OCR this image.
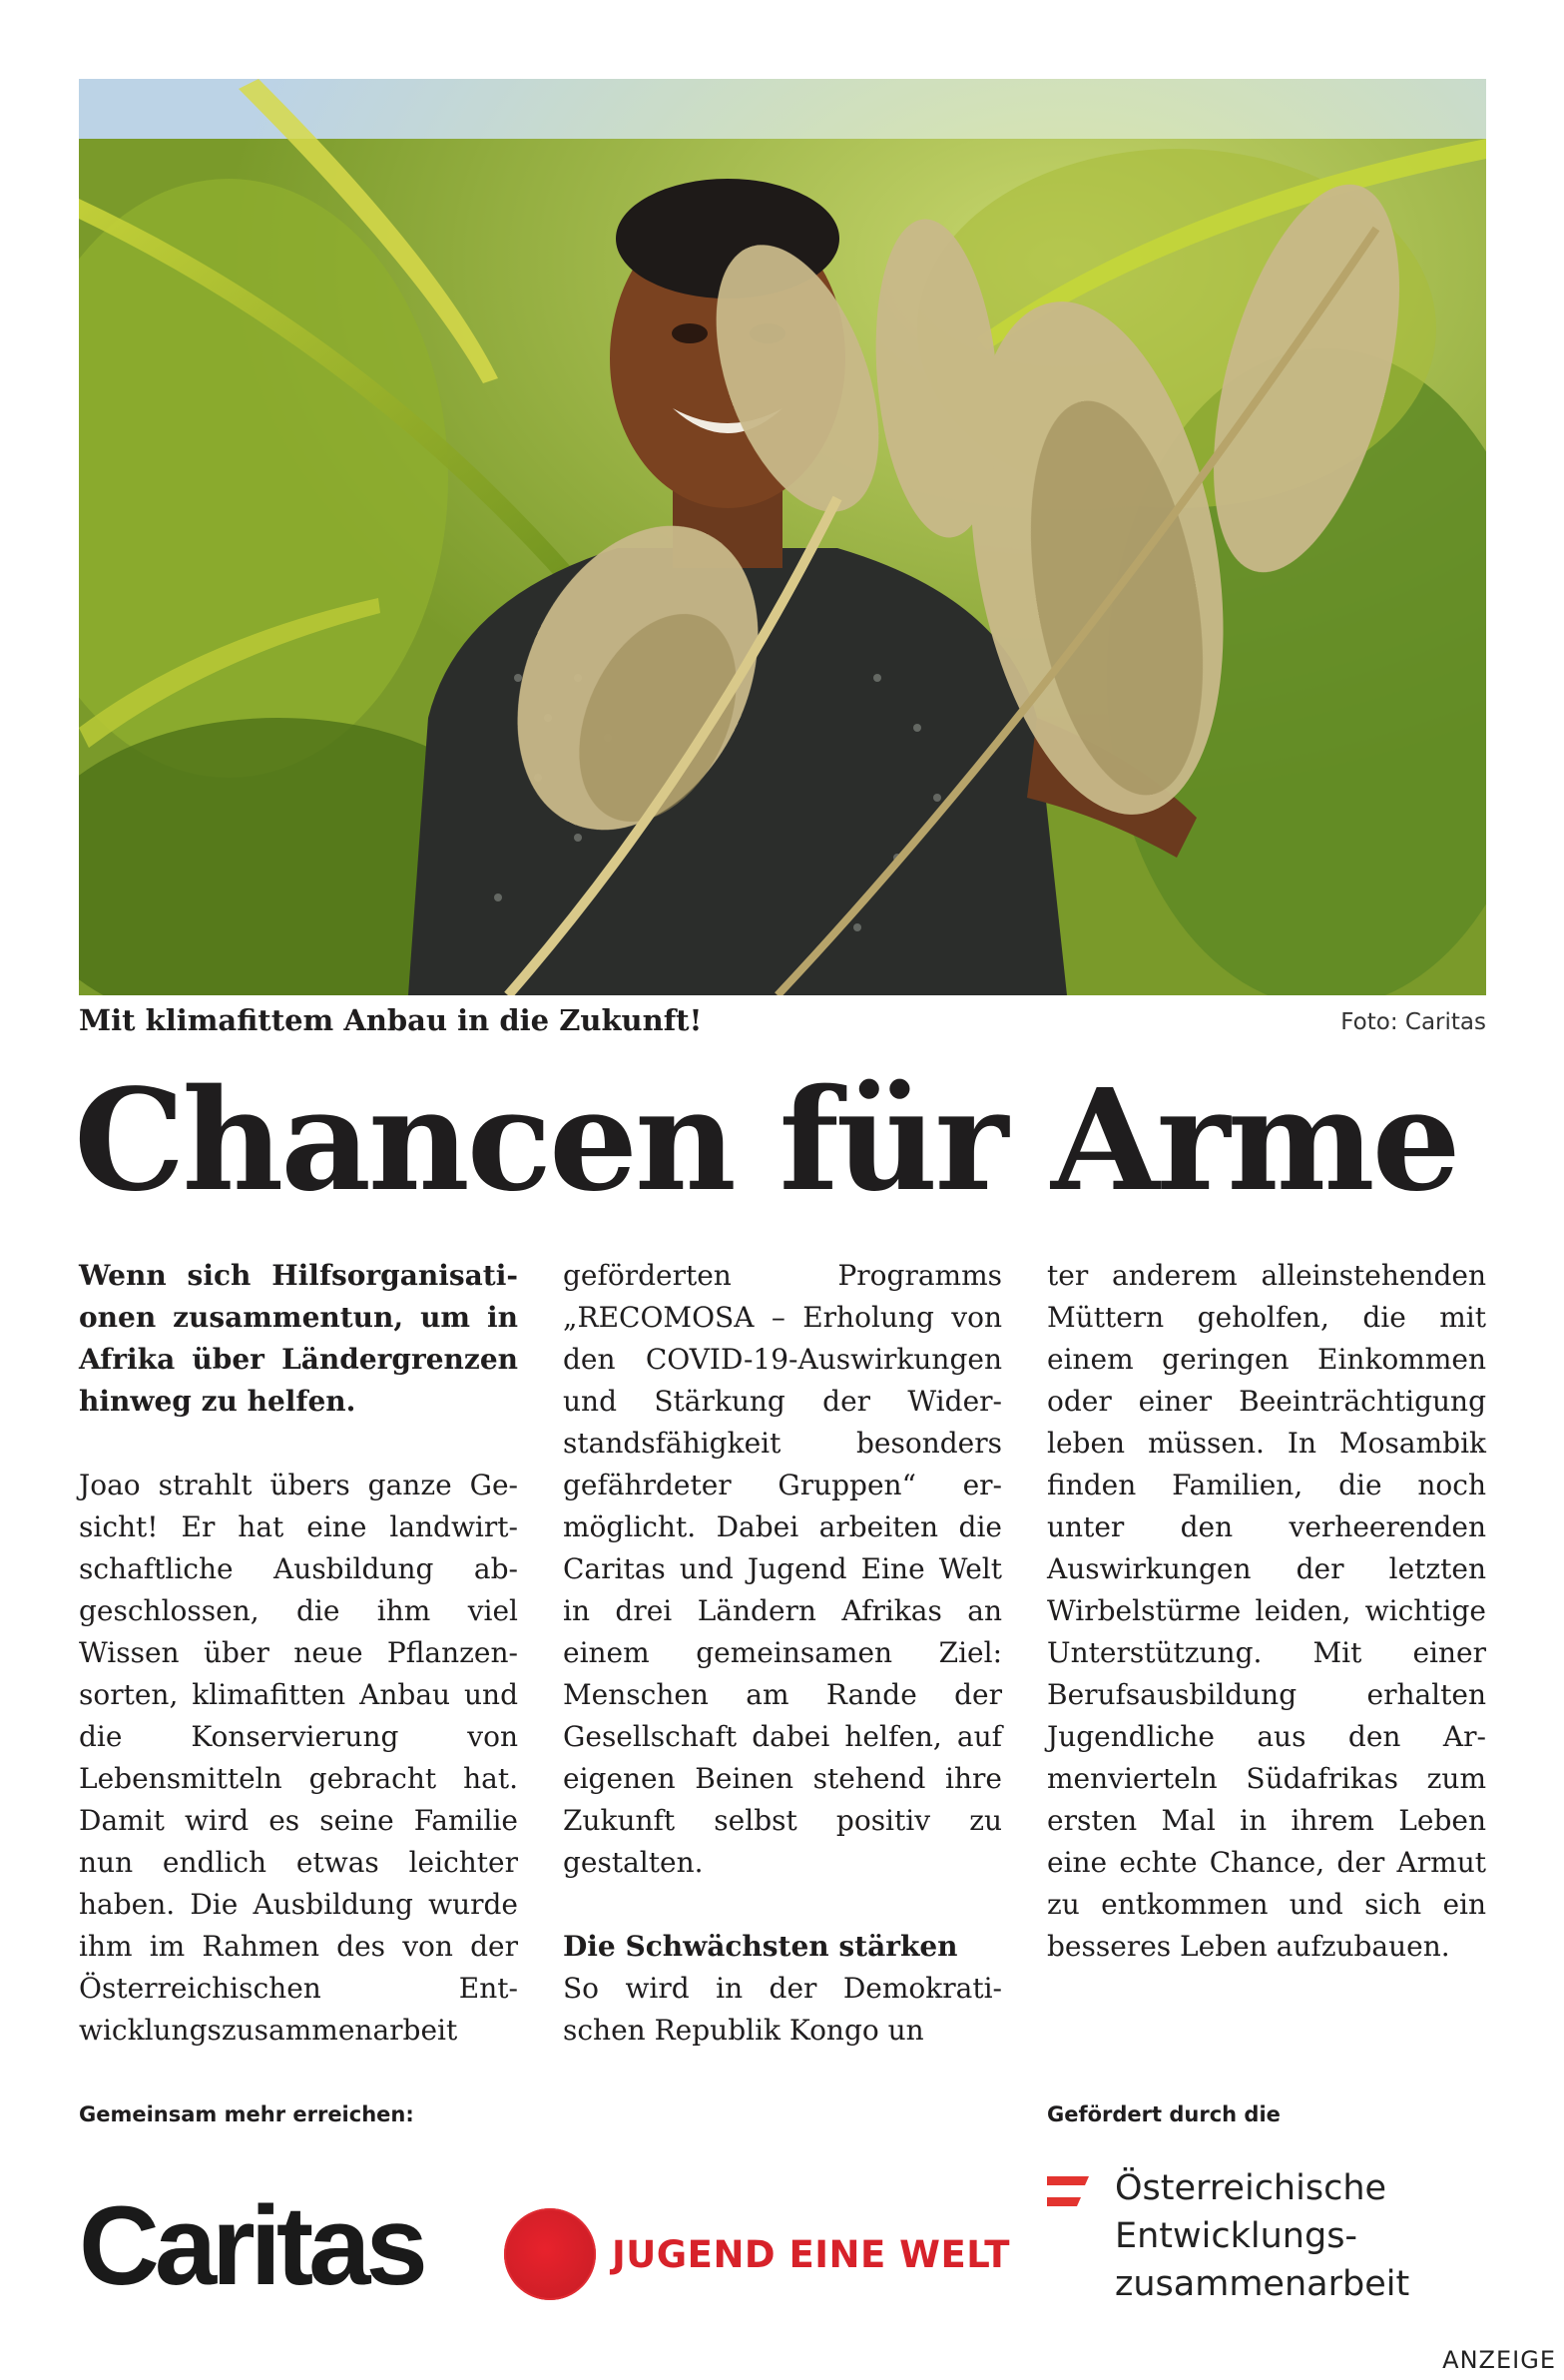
Mit klimafittem Anbau in die Zukunft!	Foto: Caritas
Chancen für Arme

Wenn sich Hilfsorganisationen zusammentun, um in Afrika über Ländergrenzen hinweg zu helfen.

Joao strahlt übers ganze Gesicht! Er hat eine landwirtschaftliche Ausbildung abgeschlossen, die ihm viel Wissen über neue Pflanzensorten, klimafitten Anbau und die Konservierung von Lebensmitteln gebracht hat. Damit wird es seine Familie nun endlich etwas leichter haben. Die Ausbildung wurde ihm im Rahmen des von der Österreichischen Entwicklungszusammenarbeit

geförderten Programms „RECOMOSA – Erholung von den COVID-19-Auswirkungen und Stärkung der Widerstandsfähigkeit besonders gefährdeter Gruppen“ ermöglicht. Dabei arbeiten die Caritas und Jugend Eine Welt in drei Ländern Afrikas an einem gemeinsamen Ziel: Menschen am Rande der Gesellschaft dabei helfen, auf eigenen Beinen stehend ihre Zukunft selbst positiv zu gestalten.

Die Schwächsten stärken

So wird in der Demokratischen Republik Kongo un

ter anderem alleinstehenden Müttern geholfen, die mit einem geringen Einkommen oder einer Beeinträchtigung leben müssen. In Mosambik finden Familien, die noch unter den verheerenden Auswirkungen der letzten Wirbelstürme leiden, wichtige Unterstützung. Mit einer Berufsausbildung erhalten Jugendliche aus den Armenvierteln Südafrikas zum ersten Mal in ihrem Leben eine echte Chance, der Armut zu entkommen und sich ein besseres Leben aufzubauen.

Gemeinsam mehr erreichen:	Gefördert durch die
Caritas	JUGEND EINE WELT
Österreichische
Entwicklungs-
zusammenarbeit
ANZEIGE
